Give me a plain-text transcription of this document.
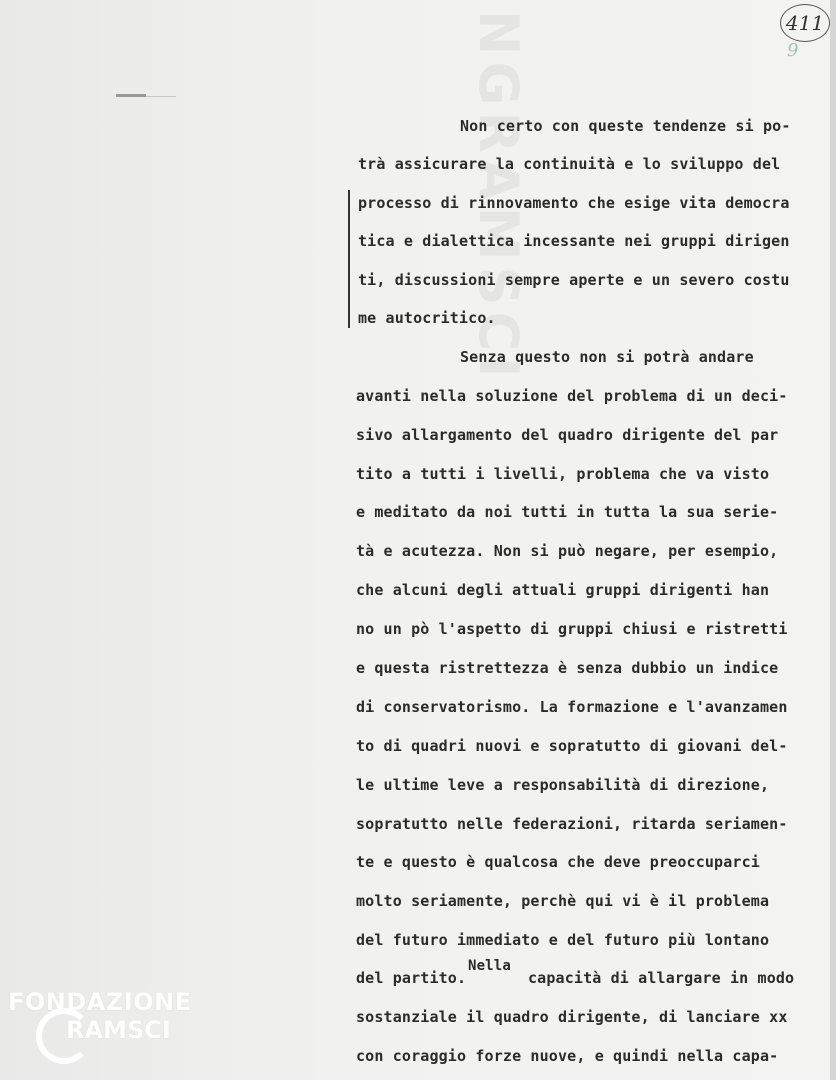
NGRAMSCI	411
9
Non certo con queste tendenze si po-
trà assicurare la continuità e lo sviluppo del
processo di rinnovamento che esige vita democra
tica e dialettica incessante nei gruppi dirigen
ti, discussioni sempre aperte e un severo costu
me autocritico.
Senza questo non si potrà andare
avanti nella soluzione del problema di un deci-
sivo allargamento del quadro dirigente del par
tito a tutti i livelli, problema che va visto
e meditato da noi tutti in tutta la sua serie-
tà e acutezza. Non si può negare, per esempio,
che alcuni degli attuali gruppi dirigenti han
no un pò l'aspetto di gruppi chiusi e ristretti
e questa ristrettezza è senza dubbio un indice
di conservatorismo. La formazione e l'avanzamen
to di quadri nuovi e sopratutto di giovani del-
le ultime leve a responsabilità di direzione,
sopratutto nelle federazioni, ritarda seriamen-
te e questo è qualcosa che deve preoccuparci
molto seriamente, perchè qui vi è il problema
del futuro immediato e del futuro più lontano
del partito.
Nella
capacità di allargare in modo
sostanziale il quadro dirigente, di lanciare xx
con coraggio forze nuove, e quindi nella capa-
FONDAZIONE
RAMSCI
